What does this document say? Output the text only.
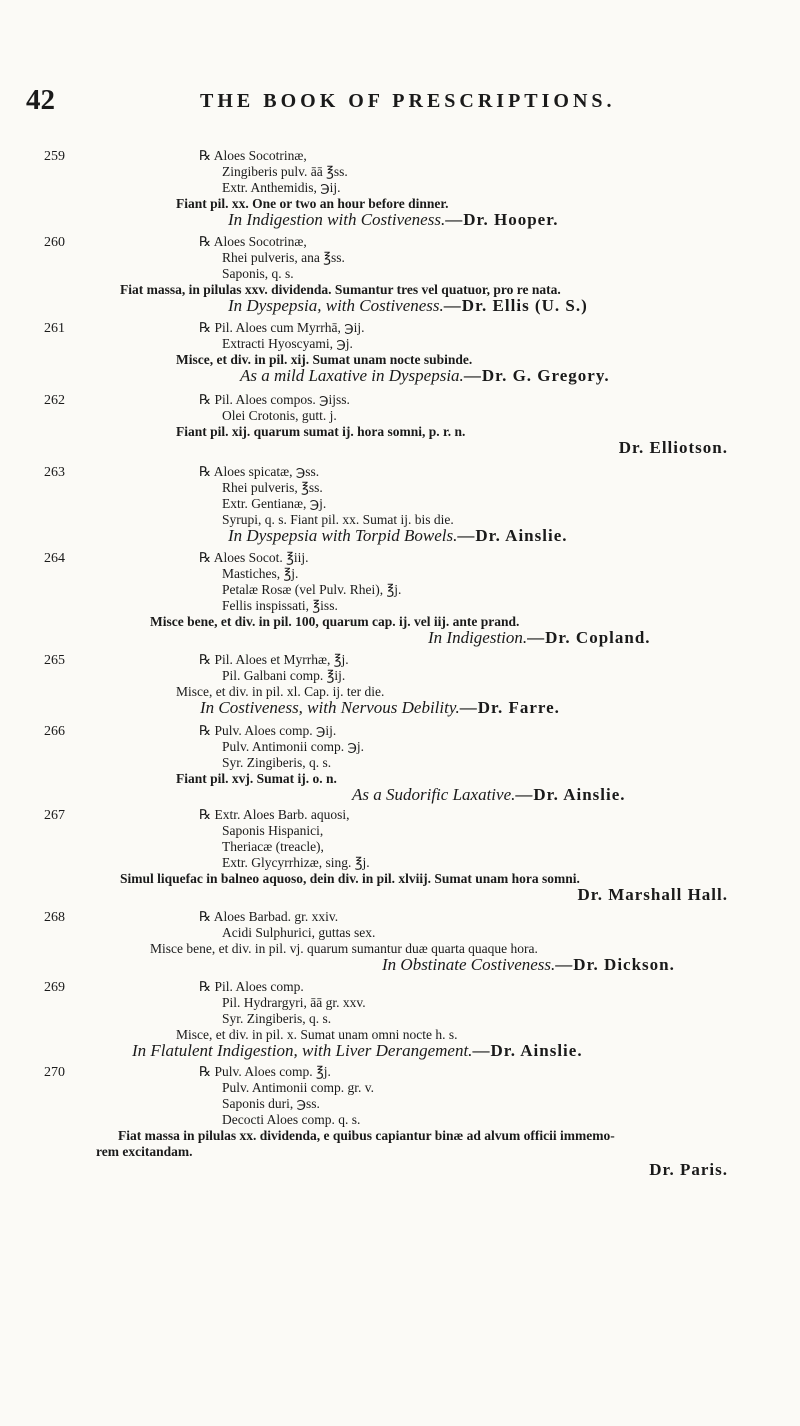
42	THE BOOK OF PRESCRIPTIONS.
259	℞ Aloes Socotrinæ,
Zingiberis pulv. āā ℥ss.
Extr. Anthemidis, ℈ij.
Fiant pil. xx. One or two an hour before dinner.
In Indigestion with Costiveness.—Dr. Hooper.
260	℞ Aloes Socotrinæ,
Rhei pulveris, ana ℥ss.
Saponis, q. s.
Fiat massa, in pilulas xxv. dividenda. Sumantur tres vel quatuor, pro re nata.
In Dyspepsia, with Costiveness.—Dr. Ellis (U. S.)
261	℞ Pil. Aloes cum Myrrhā, ℈ij.
Extracti Hyoscyami, ℈j.
Misce, et div. in pil. xij. Sumat unam nocte subinde.
As a mild Laxative in Dyspepsia.—Dr. G. Gregory.
262	℞ Pil. Aloes compos. ℈ijss.
Olei Crotonis, gutt. j.
Fiant pil. xij. quarum sumat ij. hora somni, p. r. n.
Dr. Elliotson.
263	℞ Aloes spicatæ, ℈ss.
Rhei pulveris, ℥ss.
Extr. Gentianæ, ℈j.
Syrupi, q. s. Fiant pil. xx. Sumat ij. bis die.
In Dyspepsia with Torpid Bowels.—Dr. Ainslie.
264	℞ Aloes Socot. ℥iij.
Mastiches, ℥j.
Petalæ Rosæ (vel Pulv. Rhei), ℥j.
Fellis inspissati, ℥iss.
Misce bene, et div. in pil. 100, quarum cap. ij. vel iij. ante prand.
In Indigestion.—Dr. Copland.
265	℞ Pil. Aloes et Myrrhæ, ℥j.
Pil. Galbani comp. ℥ij.
Misce, et div. in pil. xl. Cap. ij. ter die.
In Costiveness, with Nervous Debility.—Dr. Farre.
266	℞ Pulv. Aloes comp. ℈ij.
Pulv. Antimonii comp. ℈j.
Syr. Zingiberis, q. s.
Fiant pil. xvj. Sumat ij. o. n.
As a Sudorific Laxative.—Dr. Ainslie.
267	℞ Extr. Aloes Barb. aquosi,
Saponis Hispanici,
Theriacæ (treacle),
Extr. Glycyrrhizæ, sing. ℥j.
Simul liquefac in balneo aquoso, dein div. in pil. xlviij. Sumat unam hora somni.
Dr. Marshall Hall.
268	℞ Aloes Barbad. gr. xxiv.
Acidi Sulphurici, guttas sex.
Misce bene, et div. in pil. vj. quarum sumantur duæ quarta quaque hora.
In Obstinate Costiveness.—Dr. Dickson.
269	℞ Pil. Aloes comp.
Pil. Hydrargyri, āā gr. xxv.
Syr. Zingiberis, q. s.
Misce, et div. in pil. x. Sumat unam omni nocte h. s.
In Flatulent Indigestion, with Liver Derangement.—Dr. Ainslie.
270	℞ Pulv. Aloes comp. ℥j.
Pulv. Antimonii comp. gr. v.
Saponis duri, ℈ss.
Decocti Aloes comp. q. s.
Fiat massa in pilulas xx. dividenda, e quibus capiantur binæ ad alvum officii immemo-
rem excitandam.
Dr. Paris.
